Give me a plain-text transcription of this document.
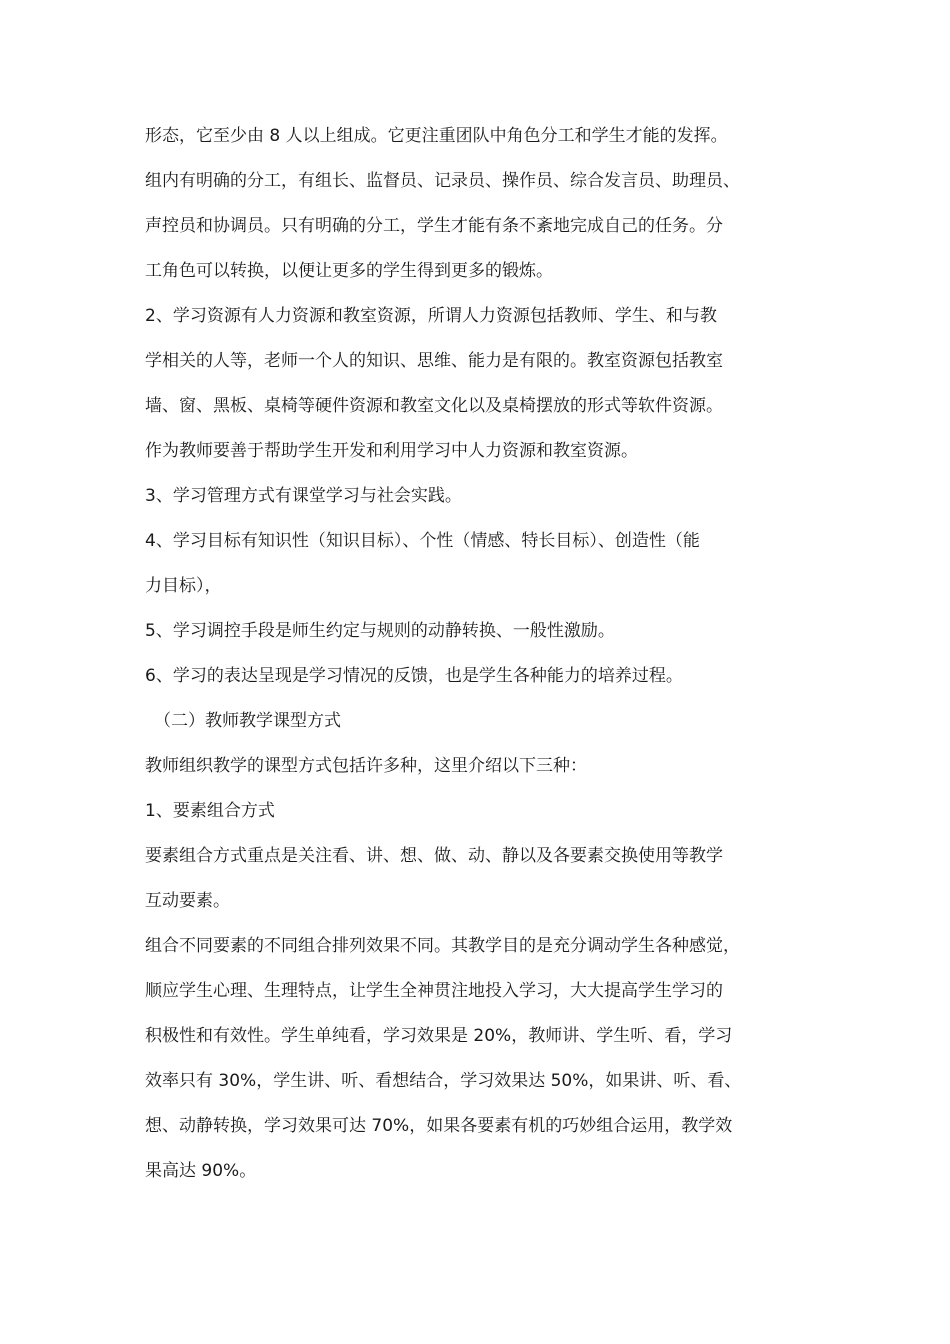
形态，它至少由 8 人以上组成。它更注重团队中角色分工和学生才能的发挥。
组内有明确的分工，有组长、监督员、记录员、操作员、综合发言员、助理员、
声控员和协调员。只有明确的分工，学生才能有条不紊地完成自己的任务。分
工角色可以转换，以便让更多的学生得到更多的锻炼。
2、学习资源有人力资源和教室资源，所谓人力资源包括教师、学生、和与教
学相关的人等，老师一个人的知识、思维、能力是有限的。教室资源包括教室
墙、窗、黑板、桌椅等硬件资源和教室文化以及桌椅摆放的形式等软件资源。
作为教师要善于帮助学生开发和利用学习中人力资源和教室资源。
3、学习管理方式有课堂学习与社会实践。
4、学习目标有知识性（知识目标）、个性（情感、特长目标）、创造性（能
力目标），
5、学习调控手段是师生约定与规则的动静转换、一般性激励。
6、学习的表达呈现是学习情况的反馈，也是学生各种能力的培养过程。
（二）教师教学课型方式
教师组织教学的课型方式包括许多种，这里介绍以下三种：
1、要素组合方式
要素组合方式重点是关注看、讲、想、做、动、静以及各要素交换使用等教学
互动要素。
组合不同要素的不同组合排列效果不同。其教学目的是充分调动学生各种感觉，
顺应学生心理、生理特点，让学生全神贯注地投入学习，大大提高学生学习的
积极性和有效性。学生单纯看，学习效果是 20%，教师讲、学生听、看，学习
效率只有 30%，学生讲、听、看想结合，学习效果达 50%，如果讲、听、看、
想、动静转换，学习效果可达 70%，如果各要素有机的巧妙组合运用，教学效
果高达 90%。
